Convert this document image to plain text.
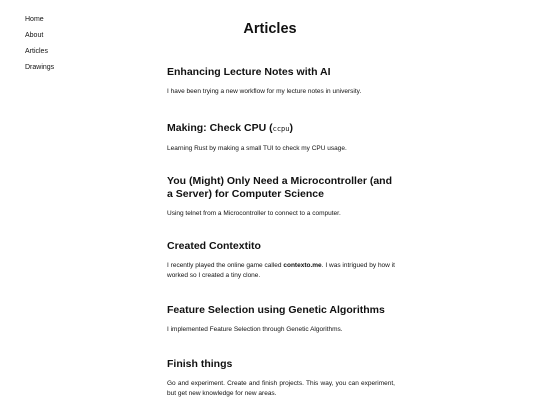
Home
About
Articles
Drawings
Articles
Enhancing Lecture Notes with AI

I have been trying a new workflow for my lecture notes in university.

Making: Check CPU (ccpu)

Learning Rust by making a small TUI to check my CPU usage.

You (Might) Only Need a Microcontroller (and a Server) for Computer Science

Using telnet from a Microcontroller to connect to a computer.

Created Contextito

I recently played the online game called contexto.me. I was intrigued by how it worked so I created a tiny clone.

Feature Selection using Genetic Algorithms

I implemented Feature Selection through Genetic Algorithms.

Finish things

Go and experiment. Create and finish projects. This way, you can experiment, but get new knowledge for new areas.
